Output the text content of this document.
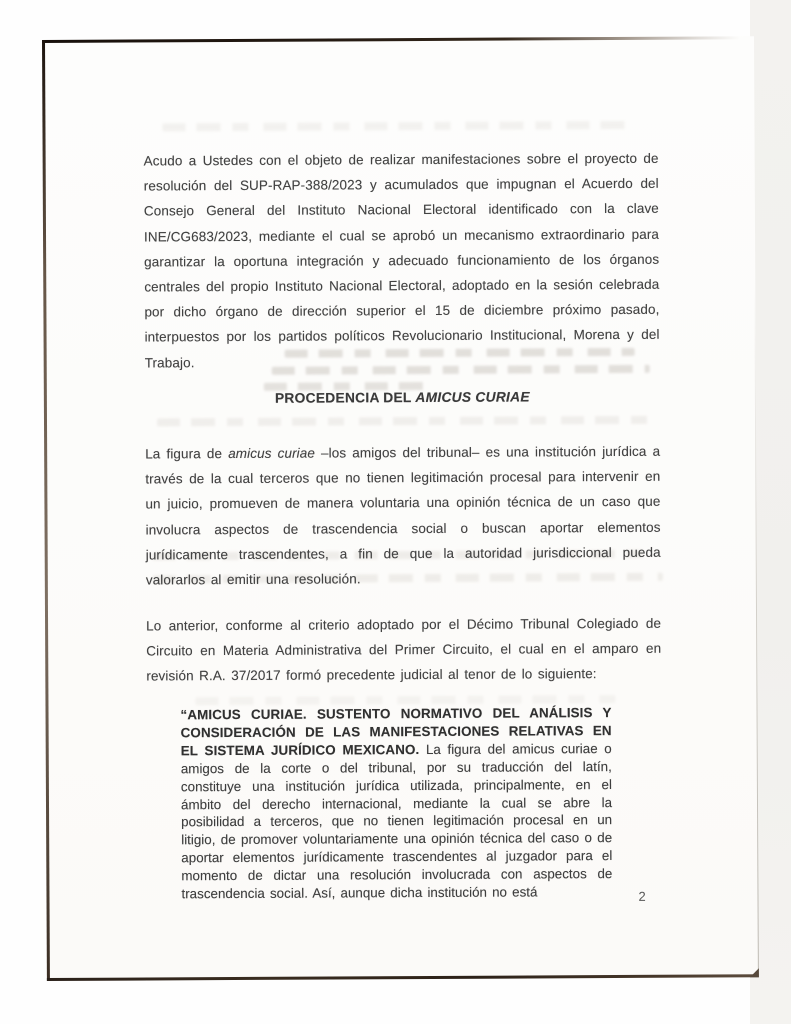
Acudo a Ustedes con el objeto de realizar manifestaciones sobre el proyecto de resolución del SUP-RAP-388/2023 y acumulados que impugnan el Acuerdo del Consejo General del Instituto Nacional Electoral identificado con la clave INE/CG683/2023, mediante el cual se aprobó un mecanismo extraordinario para garantizar la oportuna integración y adecuado funcionamiento de los órganos centrales del propio Instituto Nacional Electoral, adoptado en la sesión celebrada por dicho órgano de dirección superior el 15 de diciembre próximo pasado, interpuestos por los partidos políticos Revolucionario Institucional, Morena y del Trabajo.

PROCEDENCIA DEL AMICUS CURIAE

La figura de amicus curiae –los amigos del tribunal– es una institución jurídica a través de la cual terceros que no tienen legitimación procesal para intervenir en un juicio, promueven de manera voluntaria una opinión técnica de un caso que involucra aspectos de trascendencia social o buscan aportar elementos jurídicamente trascendentes, a fin de que la autoridad jurisdiccional pueda valorarlos al emitir una resolución.

Lo anterior, conforme al criterio adoptado por el Décimo Tribunal Colegiado de Circuito en Materia Administrativa del Primer Circuito, el cual en el amparo en revisión R.A. 37/2017 formó precedente judicial al tenor de lo siguiente:

“AMICUS CURIAE. SUSTENTO NORMATIVO DEL ANÁLISIS Y CONSIDERACIÓN DE LAS MANIFESTACIONES RELATIVAS EN EL SISTEMA JURÍDICO MEXICANO. La figura del amicus curiae o amigos de la corte o del tribunal, por su traducción del latín, constituye una institución jurídica utilizada, principalmente, en el ámbito del derecho internacional, mediante la cual se abre la posibilidad a terceros, que no tienen legitimación procesal en un litigio, de promover voluntariamente una opinión técnica del caso o de aportar elementos jurídicamente trascendentes al juzgador para el momento de dictar una resolución involucrada con aspectos de trascendencia social. Así, aunque dicha institución no está	2
